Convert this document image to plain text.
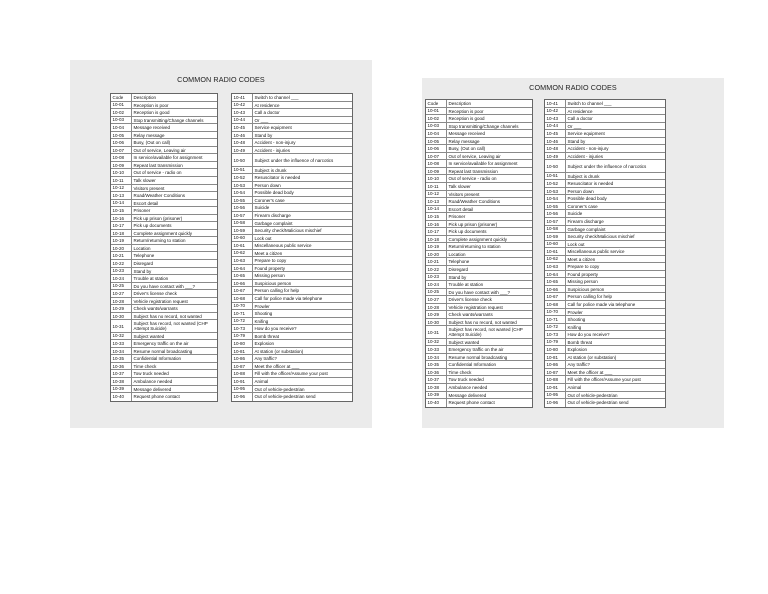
COMMON RADIO CODES
Code	Description
10-01	Reception is poor
10-02	Reception is good
10-03	Stop transmitting/Change channels
10-04	Message received
10-05	Relay message
10-06	Busy, (Out on call)
10-07	Out of service, Leaving air
10-08	In service/available for assignment
10-09	Repeat last transmission
10-10	Out of service - radio on
10-11	Talk slower
10-12	Visitors present
10-13	Road/Weather Conditions
10-14	Escort detail
10-15	Prisoner
10-16	Pick up prison (prisoner)
10-17	Pick up documents
10-18	Complete assignment quickly
10-19	Return/returning to station
10-20	Location
10-21	Telephone
10-22	Disregard
10-23	Stand by
10-24	Trouble at station
10-25	Do you have contact with ___?
10-27	Driver's license check
10-28	Vehicle registration request
10-29	Check wants/warrants
10-30	Subject has no record, not wanted
10-31	Subject has record, not wanted (CHP Attempt Suicide)
10-32	Subject wanted
10-33	Emergency traffic on the air
10-34	Resume normal broadcasting
10-35	Confidential Information
10-36	Time check
10-37	Tow truck needed
10-38	Ambulance needed
10-39	Message delivered
10-40	Request phone contact
10-41	Switch to channel ___
10-42	At residence
10-43	Call a doctor
10-44	Or ___
10-45	Service equipment
10-46	Stand by
10-48	Accident - non-injury
10-49	Accident - injuries
10-50	Subject under the influence of narcotics
10-51	Subject is drunk
10-52	Resuscitator is needed
10-53	Person down
10-54	Possible dead body
10-55	Coroner's case
10-56	Suicide
10-57	Firearm discharge
10-58	Garbage complaint
10-59	Security check/Malicious mischief
10-60	Lock out
10-61	Miscellaneous public service
10-62	Meet a citizen
10-63	Prepare to copy
10-64	Found property
10-65	Missing person
10-66	Suspicious person
10-67	Person calling for help
10-68	Call for police made via telephone
10-70	Prowler
10-71	Shooting
10-72	Knifing
10-73	How do you receive?
10-79	Bomb threat
10-80	Explosion
10-81	At station (or substation)
10-86	Any traffic?
10-87	Meet the officer at ___
10-88	Fill with the officer/Assume your post
10-91	Animal
10-95	Out of vehicle-pedestrian
10-96	Out of vehicle-pedestrian send
COMMON RADIO CODES
Code	Description
10-01	Reception is poor
10-02	Reception is good
10-03	Stop transmitting/Change channels
10-04	Message received
10-05	Relay message
10-06	Busy, (Out on call)
10-07	Out of service, Leaving air
10-08	In service/available for assignment
10-09	Repeat last transmission
10-10	Out of service - radio on
10-11	Talk slower
10-12	Visitors present
10-13	Road/Weather Conditions
10-14	Escort detail
10-15	Prisoner
10-16	Pick up prison (prisoner)
10-17	Pick up documents
10-18	Complete assignment quickly
10-19	Return/returning to station
10-20	Location
10-21	Telephone
10-22	Disregard
10-23	Stand by
10-24	Trouble at station
10-25	Do you have contact with ___?
10-27	Driver's license check
10-28	Vehicle registration request
10-29	Check wants/warrants
10-30	Subject has no record, not wanted
10-31	Subject has record, not wanted (CHP Attempt Suicide)
10-32	Subject wanted
10-33	Emergency traffic on the air
10-34	Resume normal broadcasting
10-35	Confidential Information
10-36	Time check
10-37	Tow truck needed
10-38	Ambulance needed
10-39	Message delivered
10-40	Request phone contact
10-41	Switch to channel ___
10-42	At residence
10-43	Call a doctor
10-44	Or ___
10-45	Service equipment
10-46	Stand by
10-48	Accident - non-injury
10-49	Accident - injuries
10-50	Subject under the influence of narcotics
10-51	Subject is drunk
10-52	Resuscitator is needed
10-53	Person down
10-54	Possible dead body
10-55	Coroner's case
10-56	Suicide
10-57	Firearm discharge
10-58	Garbage complaint
10-59	Security check/Malicious mischief
10-60	Lock out
10-61	Miscellaneous public service
10-62	Meet a citizen
10-63	Prepare to copy
10-64	Found property
10-65	Missing person
10-66	Suspicious person
10-67	Person calling for help
10-68	Call for police made via telephone
10-70	Prowler
10-71	Shooting
10-72	Knifing
10-73	How do you receive?
10-79	Bomb threat
10-80	Explosion
10-81	At station (or substation)
10-86	Any traffic?
10-87	Meet the officer at ___
10-88	Fill with the officer/Assume your post
10-91	Animal
10-95	Out of vehicle-pedestrian
10-96	Out of vehicle-pedestrian send
